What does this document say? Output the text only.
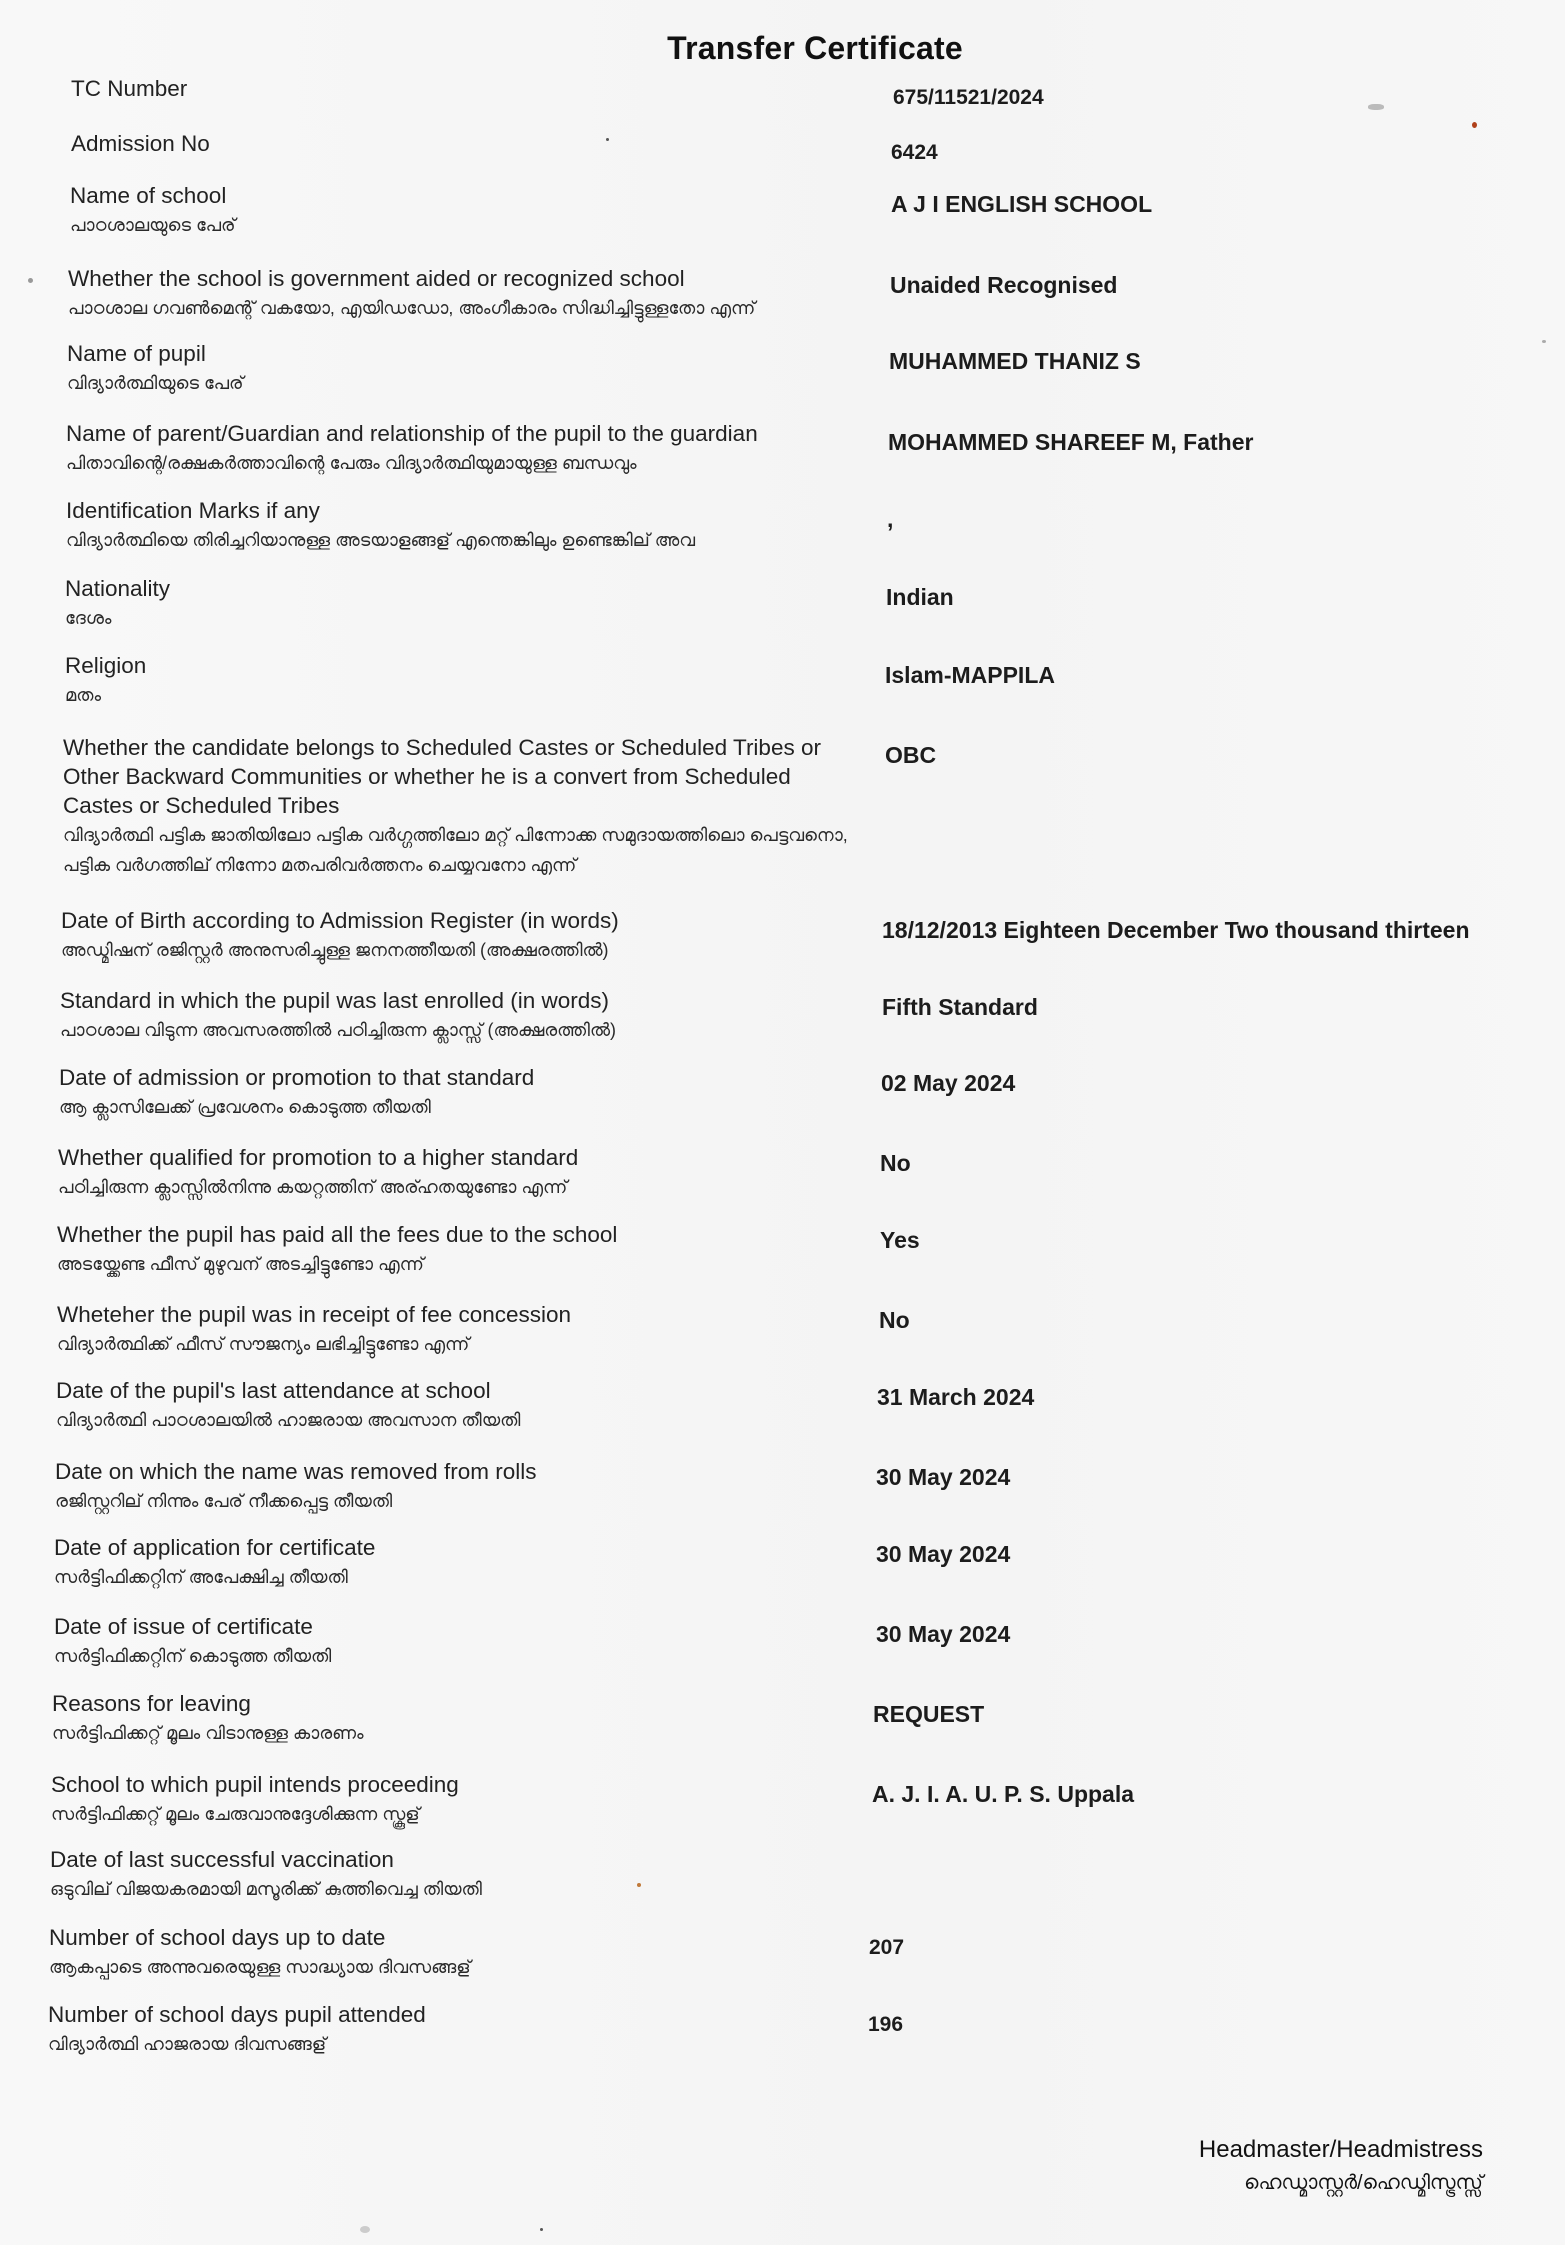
Transfer Certificate
TC Number	675/11521/2024
Admission No	6424
Name of school
പാഠശാലയുടെ പേര്
A J I ENGLISH SCHOOL
Whether the school is government aided or recognized school
പാഠശാല ഗവൺമെന്റ് വകയോ, എയിഡഡോ, അംഗീകാരം സിദ്ധിച്ചിട്ടുള്ളതോ എന്ന്
Unaided Recognised
Name of pupil
വിദ്യാർത്ഥിയുടെ പേര്
MUHAMMED THANIZ S
Name of parent/Guardian and relationship of the pupil to the guardian
പിതാവിന്റെ/രക്ഷകർത്താവിന്റെ പേരും വിദ്യാർത്ഥിയുമായുള്ള ബന്ധവും
MOHAMMED SHAREEF M, Father
Identification Marks if any
വിദ്യാർത്ഥിയെ തിരിച്ചറിയാനുള്ള അടയാളങ്ങള് എന്തെങ്കിലും ഉണ്ടെങ്കില് അവ
,
Nationality
ദേശം
Indian
Religion
മതം
Islam-MAPPILA
Whether the candidate belongs to Scheduled Castes or Scheduled Tribes or Other Backward Communities or whether he is a convert from Scheduled Castes or Scheduled Tribes
വിദ്യാർത്ഥി പട്ടിക ജാതിയിലോ പട്ടിക വർഗ്ഗത്തിലോ മറ്റ് പിന്നോക്ക സമുദായത്തിലൊ പെട്ടവനൊ, പട്ടിക വർഗത്തില് നിന്നോ മതപരിവർത്തനം ചെയ്യവനോ എന്ന്
OBC
Date of Birth according to Admission Register (in words)
അഡ്മിഷന് രജിസ്റ്റർ അനുസരിച്ചുള്ള ജനനത്തീയതി (അക്ഷരത്തിൽ)
18/12/2013 Eighteen December Two thousand thirteen
Standard in which the pupil was last enrolled (in words)
പാഠശാല വിടുന്ന അവസരത്തിൽ പഠിച്ചിരുന്ന ക്ലാസ്സ് (അക്ഷരത്തിൽ)
Fifth Standard
Date of admission or promotion to that standard
ആ ക്ലാസിലേക്ക് പ്രവേശനം കൊടുത്ത തീയതി
02 May 2024
Whether qualified for promotion to a higher standard
പഠിച്ചിരുന്ന ക്ലാസ്സിൽനിന്നു കയറ്റത്തിന് അര്ഹതയുണ്ടോ എന്ന്
No
Whether the pupil has paid all the fees due to the school
അടയ്ക്കേണ്ട ഫീസ് മുഴുവന് അടച്ചിട്ടുണ്ടോ എന്ന്
Yes
Wheteher the pupil was in receipt of fee concession
വിദ്യാർത്ഥിക്ക് ഫീസ് സൗജന്യം ലഭിച്ചിട്ടുണ്ടോ എന്ന്
No
Date of the pupil's last attendance at school
വിദ്യാർത്ഥി പാഠശാലയിൽ ഹാജരായ അവസാന തീയതി
31 March 2024
Date on which the name was removed from rolls
രജിസ്റ്ററില് നിന്നും പേര് നീക്കപ്പെട്ട തീയതി
30 May 2024
Date of application for certificate
സർട്ടിഫിക്കറ്റിന് അപേക്ഷിച്ച തീയതി
30 May 2024
Date of issue of certificate
സർട്ടിഫിക്കറ്റിന് കൊടുത്ത തീയതി
30 May 2024
Reasons for leaving
സർട്ടിഫിക്കറ്റ് മൂലം വിടാനുള്ള കാരണം
REQUEST
School to which pupil intends proceeding
സർട്ടിഫിക്കറ്റ് മൂലം ചേരുവാനുദ്ദേശിക്കുന്ന സ്കൂള്
A. J. I. A. U. P. S. Uppala
Date of last successful vaccination
ഒടുവില് വിജയകരമായി മസൂരിക്ക് കുത്തിവെച്ച തിയതി
Number of school days up to date
ആകപ്പാടെ അന്നുവരെയുള്ള സാദ്ധ്യായ ദിവസങ്ങള്
207
Number of school days pupil attended
വിദ്യാർത്ഥി ഹാജരായ ദിവസങ്ങള്
196
Headmaster/Headmistress
ഹെഡ്മാസ്റ്റർ/ഹെഡ്മിസ്ട്രസ്സ്
